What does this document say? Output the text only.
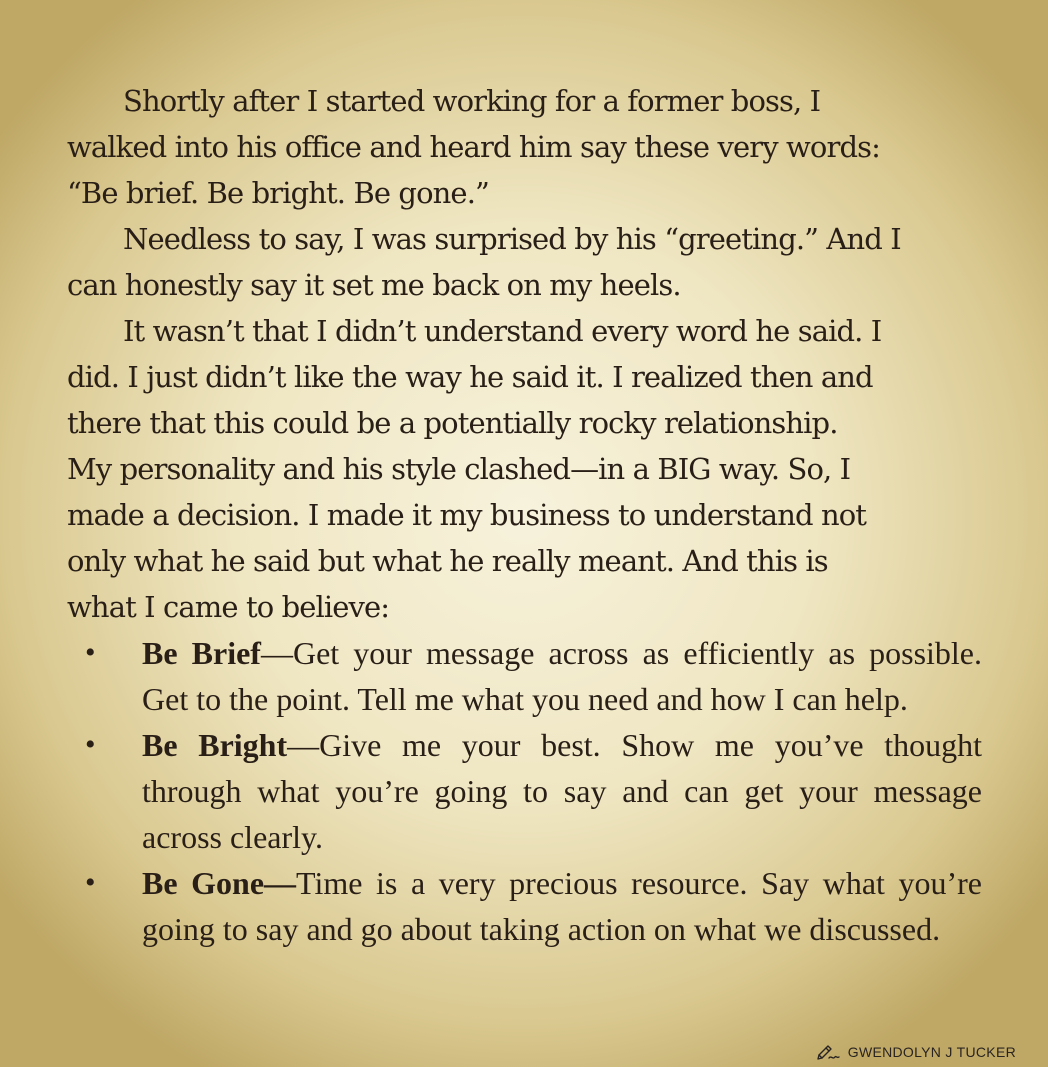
Shortly after I started working for a former boss, I
walked into his office and heard him say these very words:
“Be brief. Be bright. Be gone.”

Needless to say, I was surprised by his “greeting.” And I
can honestly say it set me back on my heels.

It wasn’t that I didn’t understand every word he said. I
did. I just didn’t like the way he said it. I realized then and
there that this could be a potentially rocky relationship.
My personality and his style clashed—in a BIG way. So, I
made a decision. I made it my business to understand not
only what he said but what he really meant. And this is
what I came to believe:

• Be Brief—Get your message across as efficiently as possible. Get to the point. Tell me what you need and how I can help.
• Be Bright—Give me your best. Show me you’ve thought through what you’re going to say and can get your message across clearly.
• Be Gone—Time is a very precious resource. Say what you’re going to say and go about taking action on what we discussed.
GWENDOLYN J TUCKER
